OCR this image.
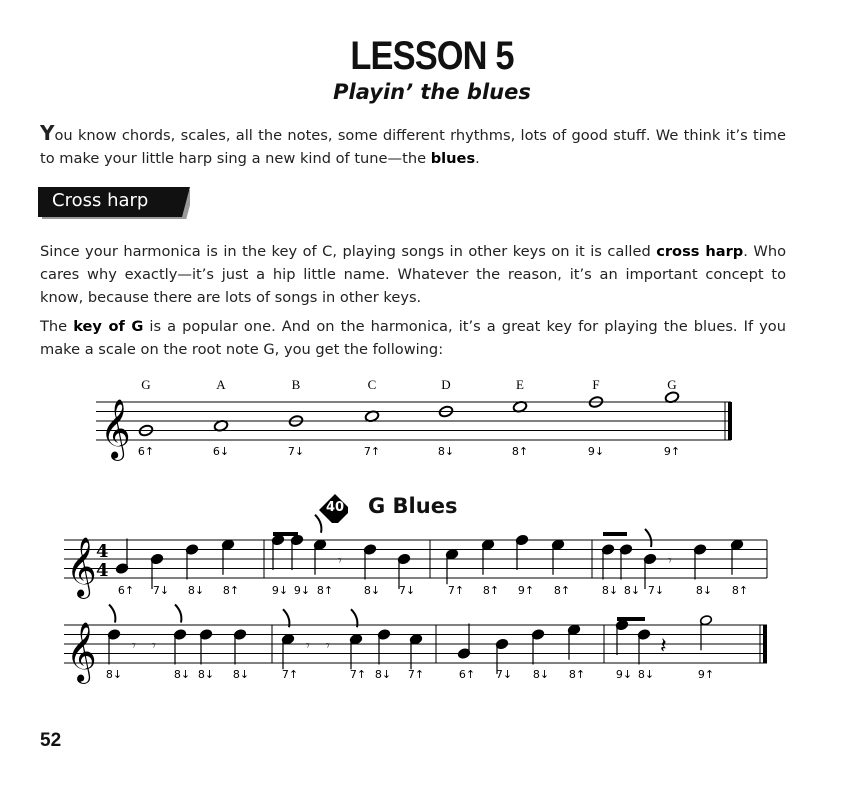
LESSON 5
Playin’ the blues
You know chords, scales, all the notes, some different rhythms, lots of good stuff. We think it’s time to make your little harp sing a new kind of tune—the blues.
Cross harp
Since your harmonica is in the key of C, playing songs in other keys on it is called cross harp. Who cares why exactly—it’s just a hip little name. Whatever the reason, it’s an important concept to know, because there are lots of songs in other keys.
The key of G is a popular one. And on the harmonica, it’s a great key for playing the blues. If you make a scale on the root note G, you get the following:
𝄞
G
6↑
A
6↓
B
7↓
C
7↑
D
8↓
E
8↑
F
9↓
G
9↑
40 G Blues
𝄞
𝄞
4
4	𝄾	𝄾
6↑ 7↓ 8↓ 8↑	9↓ 9↓ 8↑	8↓ 7↓	7↑ 8↑ 9↑ 8↑	8↓ 8↓ 7↓	8↓ 8↑
𝄾 𝄾	𝄾 𝄾	𝄽
8↓	8↓ 8↓ 8↓	7↑	7↑ 8↓ 7↑	6↑ 7↓ 8↓ 8↑	9↓ 8↓	9↑
52
